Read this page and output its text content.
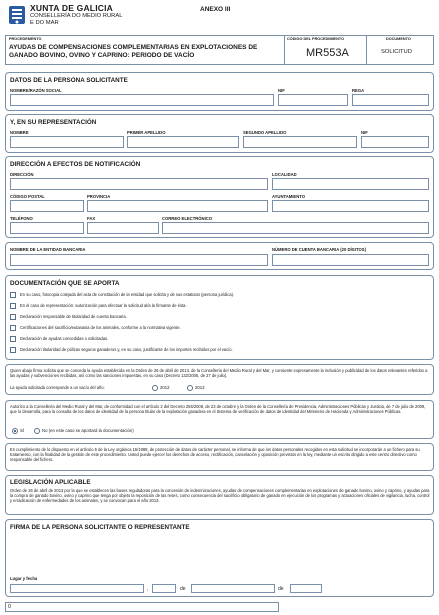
XUNTA DE GALICIA
CONSELLERÍA DO MEDIO RURAL
E DO MAR
ANEXO III
PROCEDEMENTO
AYUDAS DE COMPENSACIONES COMPLEMENTARIAS EN EXPLOTACIONES DE GANADO BOVINO, OVINO Y CAPRINO: PERIODO DE VACÍO
CÓDIGO DEL PROCEDIMIENTO
MR553A
DOCUMENTO
SOLICITUD
DATOS DE LA PERSONA SOLICITANTE
NOMBRE/RAZÓN SOCIAL	NIF	REGA
Y, EN SU REPRESENTACIÓN
NOMBRE	PRIMER APELLIDO	SEGUNDO APELLIDO	NIF
DIRECCIÓN A EFECTOS DE NOTIFICACIÓN
DIRECCIÓN	LOCALIDAD
CÓDIGO POSTAL	PROVINCIA	AYUNTAMIENTO
TELÉFONO	FAX	CORREO ELECTRÓNICO
NOMBRE DE LA ENTIDAD BANCARIA	NÚMERO DE CUENTA BANCARIA (20 DÍGITOS)
DOCUMENTACIÓN QUE SE APORTA
En su caso, fotocopia cotejada del acta de constitución de la entidad que solicita y de sus estatutos (persona jurídica).
En el caso de representación: autorización para efectuar la solicitud al/a la firmante de ésta.
Declaración responsable de titularidad de cuenta bancaria.
Certificaciones del sacrificio/eutanasia de los animales, conforme a la normativa vigente.
Declaración de ayudas concedidas o solicitadas.
Declaración titularidad de pólizas seguros ganaderos y, en su caso, justificante de los importes recibidos por el vacío.
Quien abajo firma solicita que se conceda la ayuda establecida en la Orden de 26 de abril de 2013, de la Consellería del Medio Rural y del Mar, y consiente expresamente la inclusión y publicidad de los datos relevantes referidos a las ayudas y subvenciones recibidas, así como las sanciones impuestas, en su caso (Decreto 132/2006, de 27 de julio).
La ayuda solicitada corresponde a un vacío del año:	2012	2013
Autorizo a la Consellería del Medio Rural y del Mar, de conformidad con el artículo 2 del Decreto 255/2008, de 23 de octubre y la Orden de la Consellería de Presidencia, Administraciones Públicas y Justicia, de 7 de julio de 2009, que lo desarrolla, para la consulta de los datos de identidad de la persona titular de la explotación ganadera en el Sistema de verificación de datos de identidad del Ministerio de Hacienda y Administraciones Públicas.
SÍ	No (en este caso se aportará la documentación)
En cumplimiento de lo dispuesto en el artículo 5 de la Ley orgánica 15/1999, de protección de datos de carácter personal, se informa de que los datos personales recogidos en esta solicitud se incorporarán a un fichero para su tratamiento, con la finalidad de la gestión de este procedimiento. Usted puede ejercer los derechos de acceso, rectificación, cancelación y oposición previstos en la ley, mediante un escrito dirigido a este centro directivo como responsable del fichero.
LEGISLACIÓN APLICABLE
Orden de 26 de abril de 2013 por la que se establecen las bases reguladoras para la concesión de indemnizaciones, ayudas de compensaciones complementarias en explotaciones de ganado bovino, ovino y caprino, y ayudas para la compra de ganado bovino, ovino y caprino que tenga por objeto la reposición de las reses, como consecuencia del sacrificio obligatorio de ganado en ejecución de los programas y actuaciones oficiales de vigilancia, lucha, control y erradicación de enfermedades de los animales, y se convocan para el año 2013.
FIRMA DE LA PERSONA SOLICITANTE O REPRESENTANTE
Lugar y fecha
,	de	de
0
